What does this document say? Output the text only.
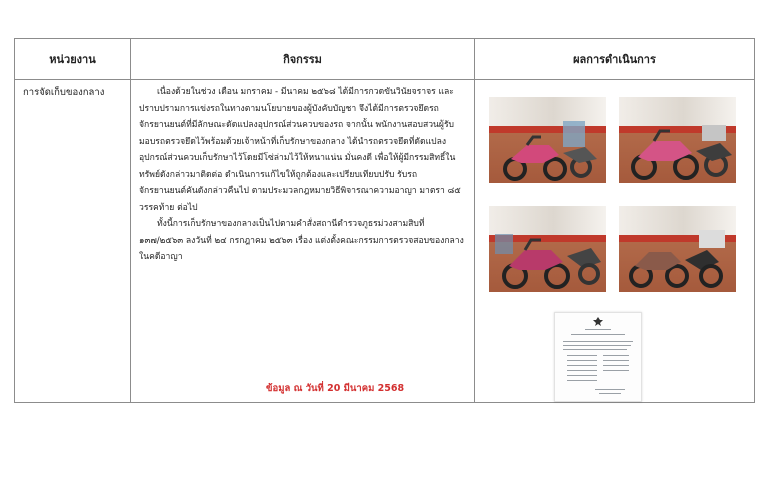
หน่วยงาน	กิจกรรม	ผลการดำเนินการ
การจัดเก็บของกลาง	เนื่องด้วยในช่วง เดือน มกราคม - มีนาคม ๒๕๖๘ ได้มีการกวดขันวินัยจราจร และปราบปรามการแข่งรถในทางตามนโยบายของผู้บังคับบัญชา จึงได้มีการตรวจยึดรถจักรยานยนต์ที่มีลักษณะดัดแปลงอุปกรณ์ส่วนควบของรถ จากนั้น พนักงานสอบสวนผู้รับมอบรถตรวจยึดไว้พร้อมด้วยเจ้าหน้าที่เก็บรักษาของกลาง ได้นำรถตรวจยึดที่ดัดแปลงอุปกรณ์ส่วนควบเก็บรักษาไว้โดยมีโซ่ล่ามไว้ให้หนาแน่น มั่นคงดี เพื่อให้ผู้มีกรรมสิทธิ์ในทรัพย์ดังกล่าวมาติดต่อ ดำเนินการแก้ไขให้ถูกต้องและเปรียบเทียบปรับ รับรถจักรยานยนต์คันดังกล่าวคืนไป ตามประมวลกฎหมายวิธีพิจารณาความอาญา มาตรา ๘๕ วรรคท้าย ต่อไป

ทั้งนี้การเก็บรักษาของกลางเป็นไปตามคำสั่งสถานีตำรวจภูธรม่วงสามสิบที่ ๑๓๗/๒๕๖๓ ลงวันที่ ๒๔ กรกฎาคม ๒๕๖๓ เรื่อง แต่งตั้งคณะกรรมการตรวจสอบของกลางในคดีอาญา

ข้อมูล ณ วันที่ 20 มีนาคม 2568
